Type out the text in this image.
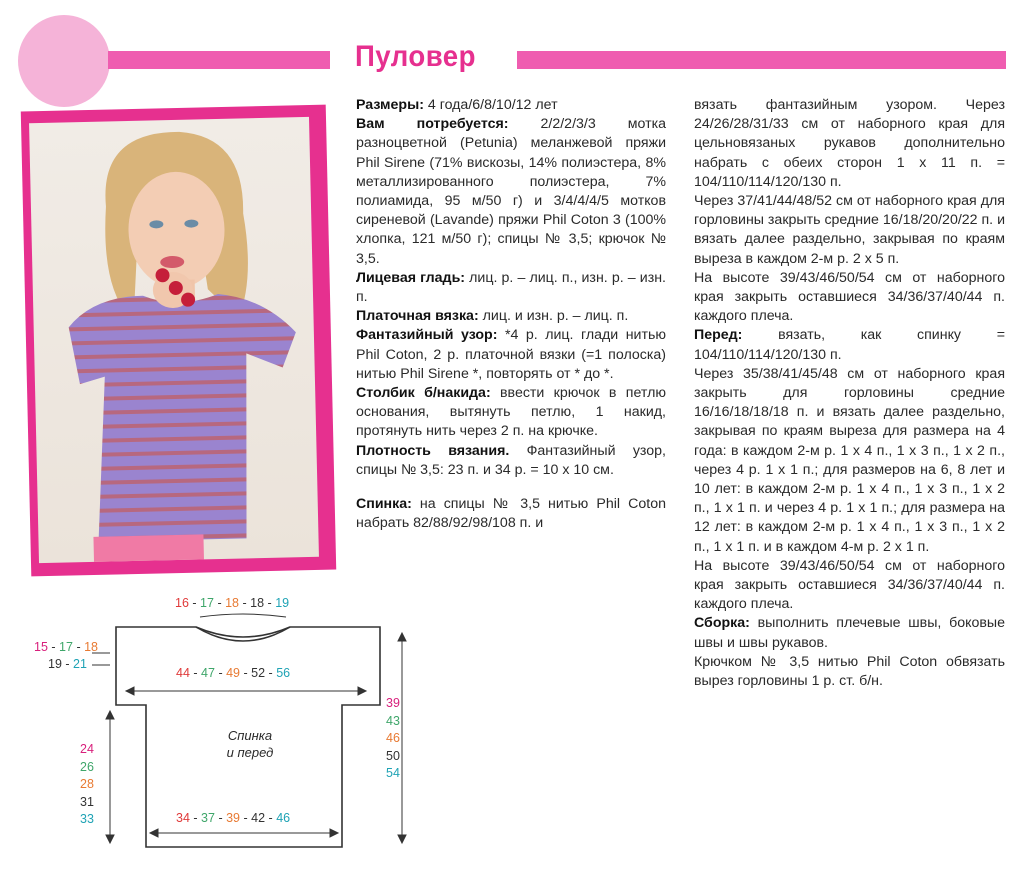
Пуловер

Размеры: 4 года/6/8/10/12 лет

Вам потребуется: 2/2/2/3/3 мотка разноцветной (Petunia) меланжевой пряжи Phil Sirene (71% вискозы, 14% полиэстера, 8% металлизированного полиэстера, 7% полиамида, 95 м/50 г) и 3/4/4/4/5 мотков сиреневой (Lavande) пряжи Phil Coton 3 (100% хлопка, 121 м/50 г); спицы № 3,5; крючок № 3,5.

Лицевая гладь: лиц. р. – лиц. п., изн. р. – изн. п.

Платочная вязка: лиц. и изн. р. – лиц. п.

Фантазийный узор: *4 р. лиц. глади нитью Phil Coton, 2 р. платочной вязки (=1 полоска) нитью Phil Sirene *, повторять от * до *.

Столбик б/накида: ввести крючок в петлю основания, вытянуть петлю, 1 накид, протянуть нить через 2 п. на крючке.

Плотность вязания. Фантазийный узор, спицы № 3,5: 23 п. и 34 р. = 10 х 10 см.

Спинка: на спицы № 3,5 нитью Phil Coton набрать 82/88/92/98/108 п. и

вязать фантазийным узором. Через 24/26/28/31/33 см от наборного края для цельновязаных рукавов дополнительно набрать с обеих сторон 1 х 11 п. = 104/110/114/120/130 п.

Через 37/41/44/48/52 см от наборного края для горловины закрыть средние 16/18/20/20/22 п. и вязать далее раздельно, закрывая по краям выреза в каждом 2-м р. 2 х 5 п.

На высоте 39/43/46/50/54 см от наборного края закрыть оставшиеся 34/36/37/40/44 п. каждого плеча.

Перед: вязать, как спинку = 104/110/114/120/130 п.

Через 35/38/41/45/48 см от наборного края закрыть для горловины средние 16/16/18/18/18 п. и вязать далее раздельно, закрывая по краям выреза для размера на 4 года: в каждом 2-м р. 1 х 4 п., 1 х 3 п., 1 х 2 п., через 4 р. 1 х 1 п.; для размеров на 6, 8 лет и 10 лет: в каждом 2-м р. 1 х 4 п., 1 х 3 п., 1 х 2 п., 1 х 1 п. и через 4 р. 1 х 1 п.; для размера на 12 лет: в каждом 2-м р. 1 х 4 п., 1 х 3 п., 1 х 2 п., 1 х 1 п. и в каждом 4-м р. 2 х 1 п.

На высоте 39/43/46/50/54 см от наборного края закрыть оставшиеся 34/36/37/40/44 п. каждого плеча.

Сборка: выполнить плечевые швы, боковые швы и швы рукавов.

Крючком № 3,5 нитью Phil Coton обвязать вырез горловины 1 р. ст. б/н.

16 - 17 - 18 - 18 - 19
15 - 17 - 18
19 - 21
44 - 47 - 49 - 52 - 56
Спинка
и перед
39
43
46
50
54
24
26
28
31
33	34 - 37 - 39 - 42 - 46
